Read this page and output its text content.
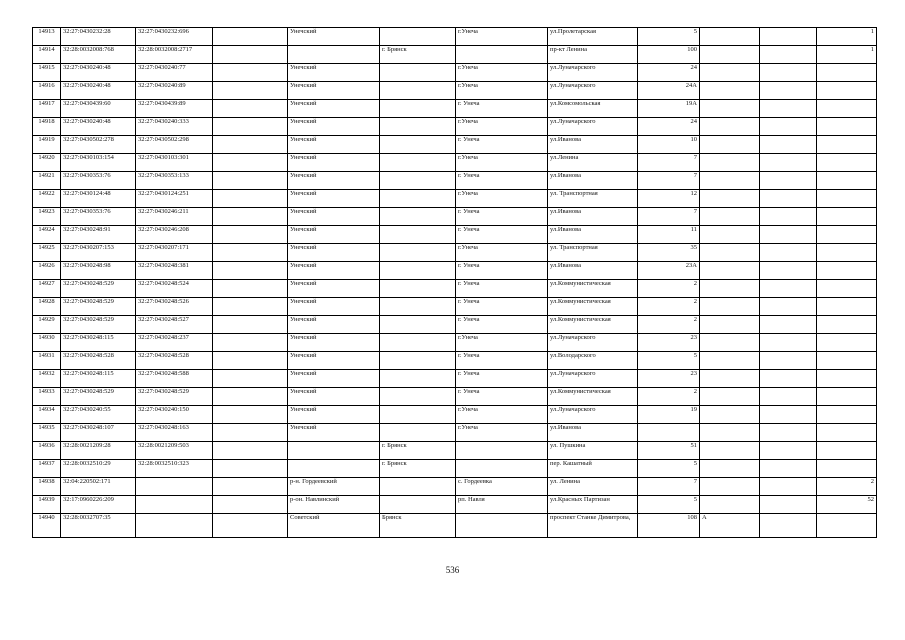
14913	32:27:0430232:28	32:27:0430232:696		Унечский		г.Унеча	ул.Пролетарская	5			1
14914	32:28:0032008:768	32:28:0032008:2717			г. Брянск		пр-кт Ленина	100			1
14915	32:27:0430240:48	32:27:0430240:77		Унечский		г.Унеча	ул.Луначарского	24			
14916	32:27:0430240:48	32:27:0430240:89		Унечский		г.Унеча	ул.Луначарского	24А			
14917	32:27:0430439:60	32:27:0430439:89		Унечский		г. Унеча	ул.Комсомольская	19А			
14918	32:27:0430240:48	32:27:0430240:333		Унечский		г.Унеча	ул.Луначарского	24			
14919	32:27:0430502:278	32:27:0430502:298		Унечский		г. Унеча	ул.Иванова	10			
14920	32:27:0430103:154	32:27:0430103:301		Унечский		г.Унеча	ул.Ленина	7			
14921	32:27:0430353:76	32:27:0430353:133		Унечский		г. Унеча	ул.Иванова	7			
14922	32:27:0430124:48	32:27:0430124:251		Унечский		г.Унеча	ул. Транспортная	12			
14923	32:27:0430353:76	32:27:0430246:211		Унечский		г. Унеча	ул.Иванова	7			
14924	32:27:0430248:91	32:27:0430246:208		Унечский		г. Унеча	ул.Иванова	11			
14925	32:27:0430207:153	32:27:0430207:171		Унечский		г.Унеча	ул. Транспортная	35			
14926	32:27:0430248:98	32:27:0430248:381		Унечский		г. Унеча	ул.Иванова	23А			
14927	32:27:0430248:529	32:27:0430248:524		Унечский		г. Унеча	ул.Коммунистическая	2			
14928	32:27:0430248:529	32:27:0430248:526		Унечский		г. Унеча	ул.Коммунистическая	2			
14929	32:27:0430248:529	32:27:0430248:527		Унечский		г. Унеча	ул.Коммунистическая	2			
14930	32:27:0430248:115	32:27:0430248:237		Унечский		г.Унеча	ул.Луначарского	23			
14931	32:27:0430248:528	32:27:0430248:528		Унечский		г. Унеча	ул.Володарского	5			
14932	32:27:0430248:115	32:27:0430248:588		Унечский		г. Унеча	ул.Луначарского	23			
14933	32:27:0430248:529	32:27:0430248:529		Унечский		г. Унеча	ул.Коммунистическая	2			
14934	32:27:0430240:55	32:27:0430240:150		Унечский		г.Унеча	ул.Луначарского	19			
14935	32:27:0430248:107	32:27:0430248:163		Унечский		г.Унеча	ул.Иванова				
14936	32:28:0021209:28	32:28:0021209:503			г. Брянск		ул. Пушкина	51			
14937	32:28:0032510:29	32:28:0032510:323			г. Брянск		пер. Кашатный	5			
14938	32:04:220502:171			р-н. Гордеевский		с. Гордеевка	ул. Ленина	7			2
14939	32:17:0960226:209			р-он. Навлинский		рп. Навля	ул.Красных Партизан	5			52
14940	32:28:0032707:35			Советский	Брянск		проспект Станке Димитрова,	108	А		
536
